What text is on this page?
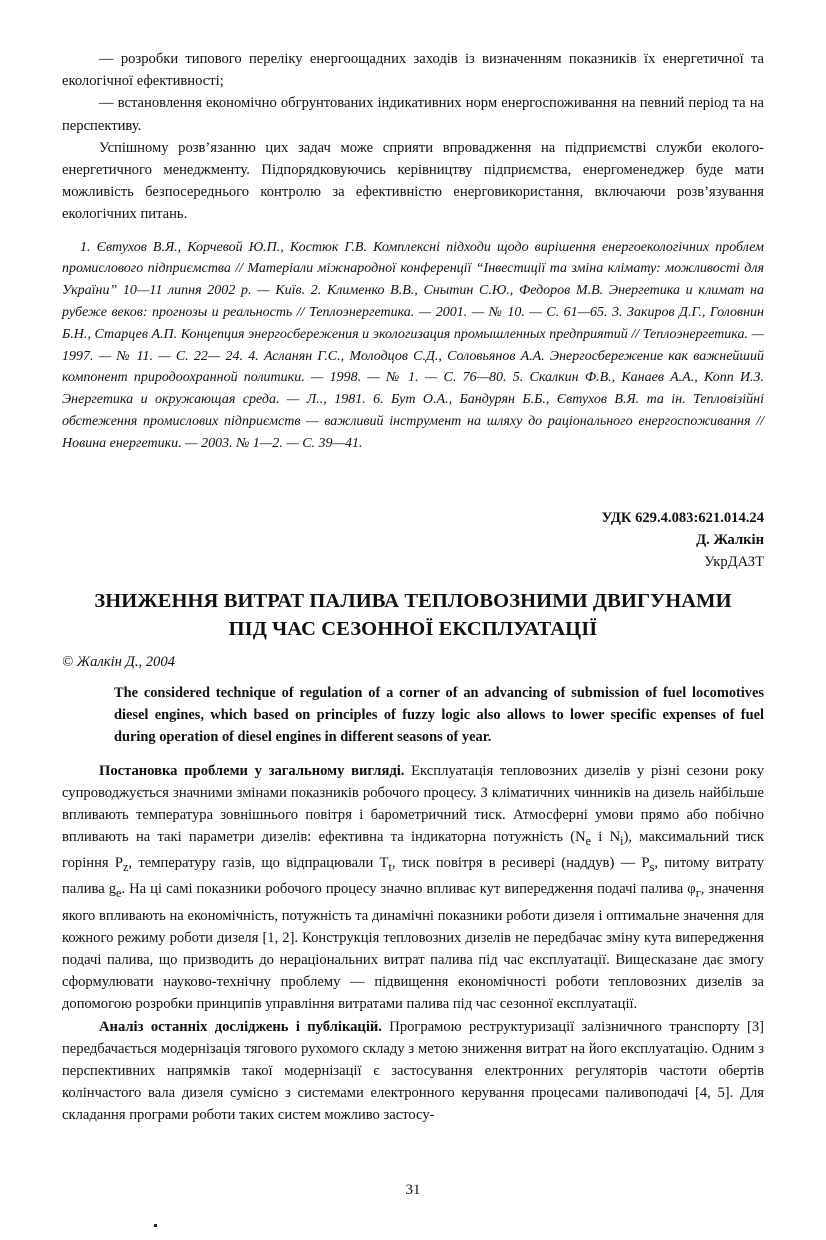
— розробки типового переліку енергоощадних заходів із визначенням показників їх енергетичної та екологічної ефективності;

— встановлення економічно обгрунтованих індикативних норм енергоспоживання на певний період та на перспективу.

Успішному розв’язанню цих задач може сприяти впровадження на підприємстві служби еколого-енергетичного менеджменту. Підпорядковуючись керівництву підприємства, енергоменеджер буде мати можливість безпосереднього контролю за ефективністю енерговикористання, включаючи розв’язування екологічних питань.

1. Євтухов В.Я., Корчевой Ю.П., Костюк Г.В. Комплексні підходи щодо вирішення енергоекологічних проблем промислового підприємства // Матеріали міжнародної конференції “Інвестиції та зміна клімату: можливості для України” 10—11 липня 2002 р. — Київ. 2. Клименко В.В., Снытин С.Ю., Федоров М.В. Энергетика и климат на рубеже веков: прогнозы и реальность // Теплоэнергетика. — 2001. — № 10. — С. 61—65. 3. Закиров Д.Г., Головнин Б.Н., Старцев А.П. Концепция энергосбережения и экологизация промышленных предприятий // Теплоэнергетика. — 1997. — № 11. — С. 22— 24. 4. Асланян Г.С., Молодцов С.Д., Соловьянов А.А. Энергосбережение как важнейший компонент природоохранной политики. — 1998. — № 1. — С. 76—80. 5. Скалкин Ф.В., Канаев А.А., Копп И.З. Энергетика и окружающая среда. — Л.., 1981. 6. Бут О.А., Бандурян Б.Б., Євтухов В.Я. та ін. Тепловізійні обстеження промислових підприємств — важливий інструмент на шляху до раціонального енергоспоживання // Новина енергетики. — 2003. № 1—2. — С. 39—41.

УДК 629.4.083:621.014.24
Д. Жалкін
УкрДАЗТ
ЗНИЖЕННЯ ВИТРАТ ПАЛИВА ТЕПЛОВОЗНИМИ ДВИГУНАМИ
ПІД ЧАС СЕЗОННОЇ ЕКСПЛУАТАЦІЇ
© Жалкін Д., 2004

The considered technique of regulation of a corner of an advancing of submission of fuel locomotives diesel engines, which based on principles of fuzzy logic also allows to lower specific expenses of fuel during operation of diesel engines in different seasons of year.

Постановка проблеми у загальному вигляді. Експлуатація тепловозних дизелів у різні сезони року супроводжується значними змінами показників робочого процесу. З кліматичних чинників на дизель найбільше впливають температура зовнішнього повітря і барометричний тиск. Атмосферні умови прямо або побічно впливають на такі параметри дизелів: ефективна та індикаторна потужність ($N_e$ і $N_i$), максимальний тиск горіння $P_z$, температуру газів, що відпрацювали $T_t$, тиск повітря в ресивері (наддув) — $P_s$, питому витрату палива $g_e$. На ці самі показники робочого процесу значно впливає кут випередження подачі палива $\varphi_г$, значення якого впливають на економічність, потужність та динамічні показники роботи дизеля і оптимальне значення для кожного режиму роботи дизеля [1, 2]. Конструкція тепловозних дизелів не передбачає зміну кута випередження подачі палива, що призводить до нераціональних витрат палива під час експлуатації. Вищесказане дає змогу сформулювати науково-технічну проблему — підвищення економічності роботи тепловозних дизелів за допомогою розробки принципів управління витратами палива під час сезонної експлуатації.

Аналіз останніх досліджень і публікацій. Програмою реструктуризації залізничного транспорту [3] передбачається модернізація тягового рухомого складу з метою зниження витрат на його експлуатацію. Одним з перспективних напрямків такої модернізації є застосування електронних регуляторів частоти обертів колінчастого вала дизеля сумісно з системами електронного керування процесами паливоподачі [4, 5]. Для складання програми роботи таких систем можливо застосу-

31
